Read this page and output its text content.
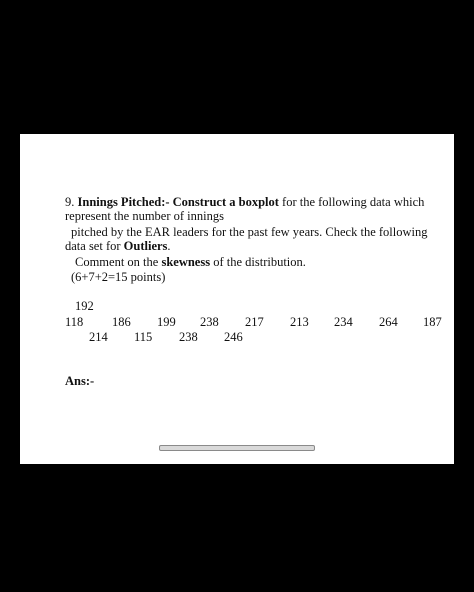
9. Innings Pitched:- Construct a boxplot for the following data which
represent the number of innings
pitched by the EAR leaders for the past few years. Check the following
data set for Outliers.
Comment on the skewness of the distribution.
(6+7+2=15 points)
192
118 186 199 238 217 213 234 264 187
214 115 238 246
Ans:-
